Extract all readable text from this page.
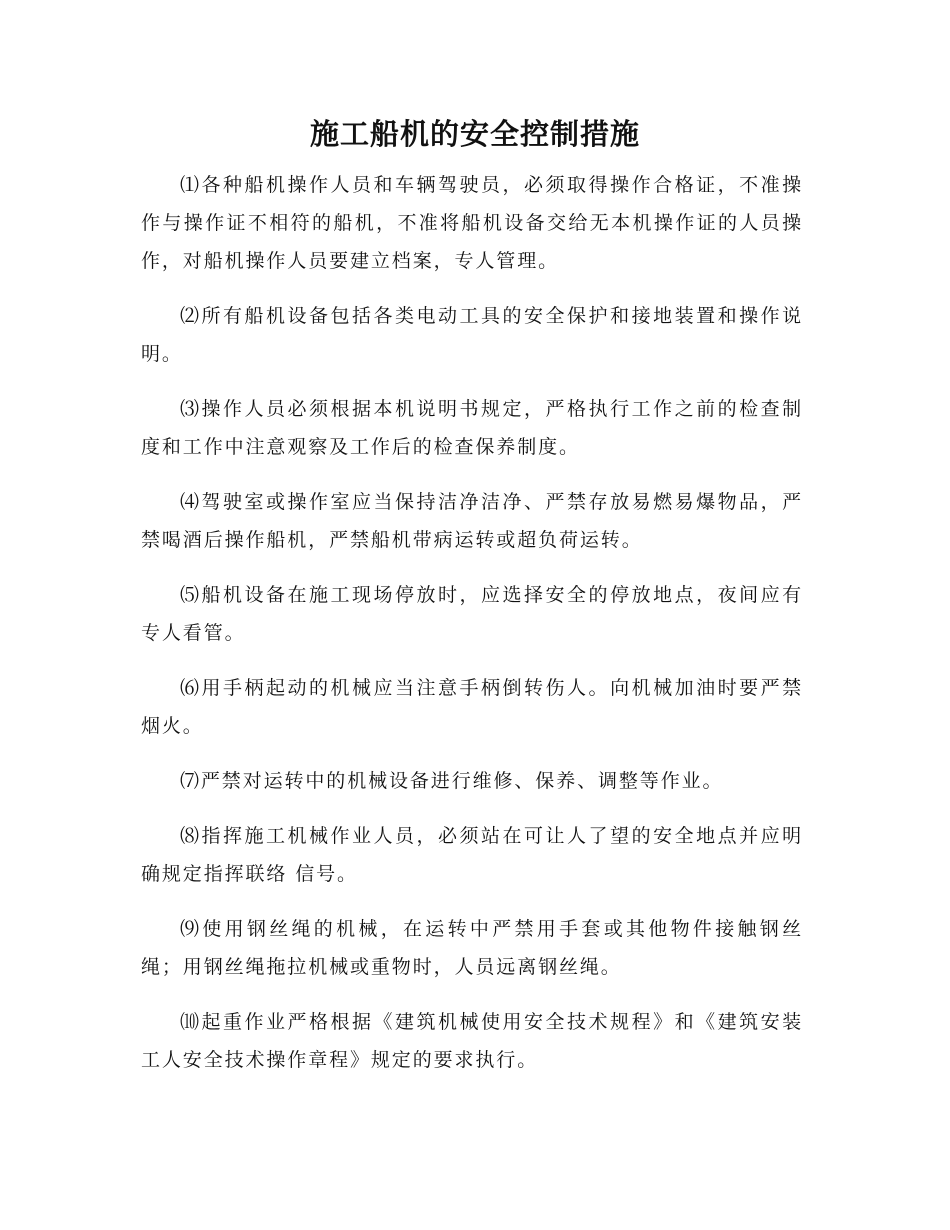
施工船机的安全控制措施

⑴各种船机操作人员和车辆驾驶员，必须取得操作合格证，不准操作与操作证不相符的船机，不准将船机设备交给无本机操作证的人员操作，对船机操作人员要建立档案，专人管理。

⑵所有船机设备包括各类电动工具的安全保护和接地装置和操作说明。

⑶操作人员必须根据本机说明书规定，严格执行工作之前的检查制度和工作中注意观察及工作后的检查保养制度。

⑷驾驶室或操作室应当保持洁净洁净、严禁存放易燃易爆物品，严禁喝酒后操作船机，严禁船机带病运转或超负荷运转。

⑸船机设备在施工现场停放时，应选择安全的停放地点，夜间应有专人看管。

⑹用手柄起动的机械应当注意手柄倒转伤人。向机械加油时要严禁烟火。

⑺严禁对运转中的机械设备进行维修、保养、调整等作业。

⑻指挥施工机械作业人员，必须站在可让人了望的安全地点并应明确规定指挥联络 信号。

⑼使用钢丝绳的机械，在运转中严禁用手套或其他物件接触钢丝绳；用钢丝绳拖拉机械或重物时，人员远离钢丝绳。

⑽起重作业严格根据《建筑机械使用安全技术规程》和《建筑安装工人安全技术操作章程》规定的要求执行。
